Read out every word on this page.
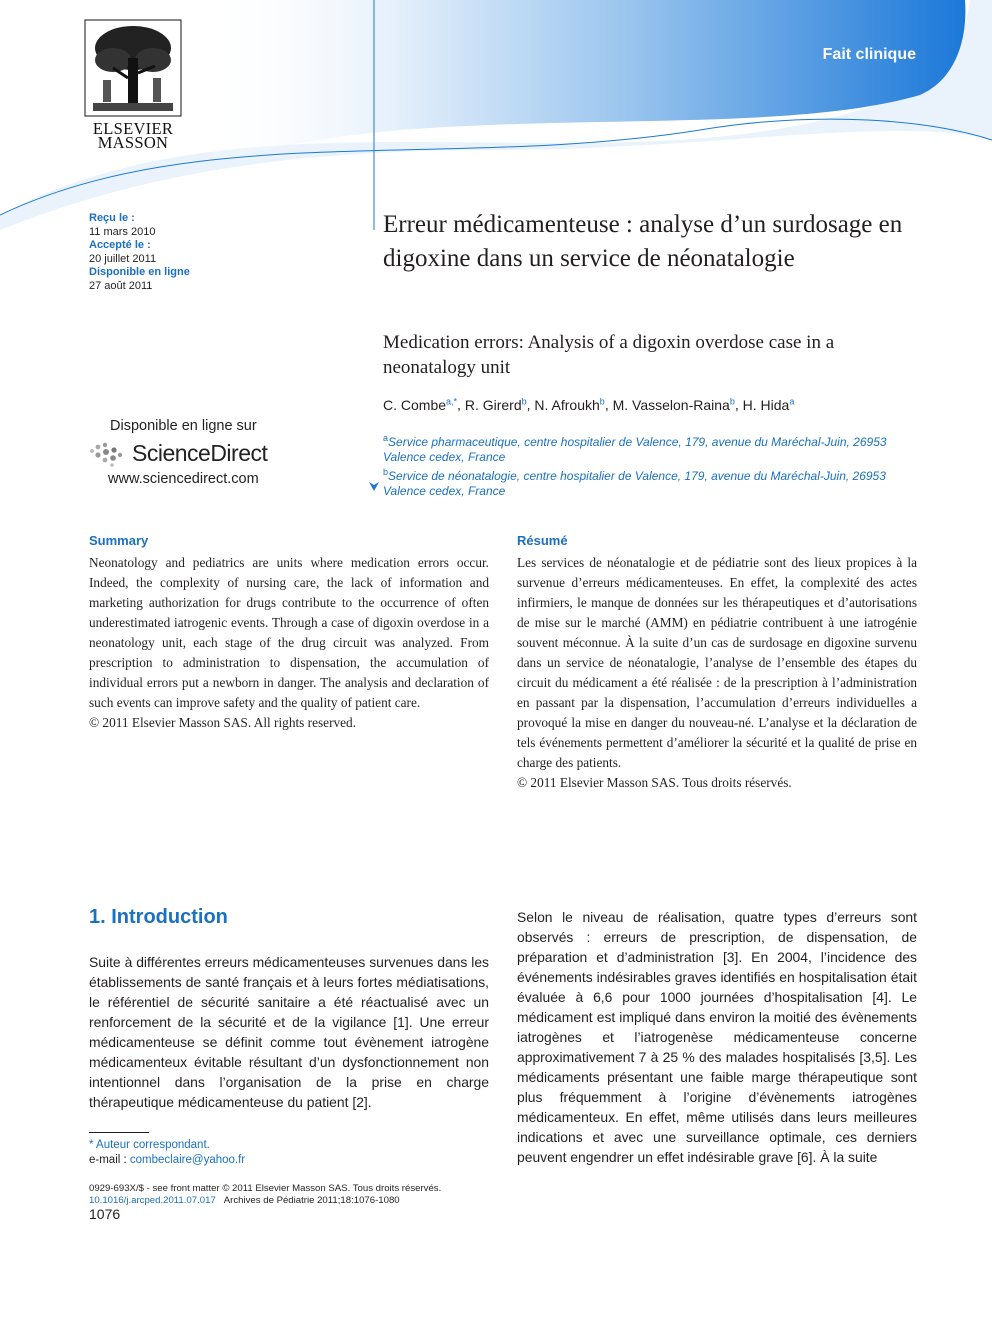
Fait clinique
ELSEVIER
MASSON
Reçu le :
11 mars 2010
Accepté le :
20 juillet 2011
Disponible en ligne
27 août 2011
Disponible en ligne sur
ScienceDirect
www.sciencedirect.com
Erreur médicamenteuse : analyse d’un surdosage en digoxine dans un service de néonatalogie
Medication errors: Analysis of a digoxin overdose case in a neonatalogy unit
C. Combe$^{a,*}$, R. Girerd$^b$, N. Afroukh$^b$, M. Vasselon-Raina$^b$, H. Hida$^a$
$^a$Service pharmaceutique, centre hospitalier de Valence, 179, avenue du Maréchal-Juin, 26953 Valence cedex, France
$^b$Service de néonatalogie, centre hospitalier de Valence, 179, avenue du Maréchal-Juin, 26953 Valence cedex, France
Summary
Neonatology and pediatrics are units where medication errors occur. Indeed, the complexity of nursing care, the lack of information and marketing authorization for drugs contribute to the occurrence of often underestimated iatrogenic events. Through a case of digoxin overdose in a neonatology unit, each stage of the drug circuit was analyzed. From prescription to administration to dispensation, the accumulation of individual errors put a newborn in danger. The analysis and declaration of such events can improve safety and the quality of patient care.
© 2011 Elsevier Masson SAS. All rights reserved.
Résumé
Les services de néonatalogie et de pédiatrie sont des lieux propices à la survenue d’erreurs médicamenteuses. En effet, la complexité des actes infirmiers, le manque de données sur les thérapeutiques et d’autorisations de mise sur le marché (AMM) en pédiatrie contribuent à une iatrogénie souvent méconnue. À la suite d’un cas de surdosage en digoxine survenu dans un service de néonatalogie, l’analyse de l’ensemble des étapes du circuit du médicament a été réalisée : de la prescription à l’administration en passant par la dispensation, l’accumulation d’erreurs individuelles a provoqué la mise en danger du nouveau-né. L’analyse et la déclaration de tels événements permettent d’améliorer la sécurité et la qualité de prise en charge des patients.
© 2011 Elsevier Masson SAS. Tous droits réservés.
1. Introduction
Suite à différentes erreurs médicamenteuses survenues dans les établissements de santé français et à leurs fortes médiatisations, le référentiel de sécurité sanitaire a été réactualisé avec un renforcement de la sécurité et de la vigilance [1]. Une erreur médicamenteuse se définit comme tout évènement iatrogène médicamenteux évitable résultant d’un dysfonctionnement non intentionnel dans l’organisation de la prise en charge thérapeutique médicamenteuse du patient [2].
Selon le niveau de réalisation, quatre types d’erreurs sont observés : erreurs de prescription, de dispensation, de préparation et d’administration [3]. En 2004, l’incidence des événements indésirables graves identifiés en hospitalisation était évaluée à 6,6 pour 1000 journées d’hospitalisation [4]. Le médicament est impliqué dans environ la moitié des évènements iatrogènes et l’iatrogenèse médicamenteuse concerne approximativement 7 à 25 % des malades hospitalisés [3,5]. Les médicaments présentant une faible marge thérapeutique sont plus fréquemment à l’origine d’évènements iatrogènes médicamenteux. En effet, même utilisés dans leurs meilleures indications et avec une surveillance optimale, ces derniers peuvent engendrer un effet indésirable grave [6]. À la suite
* Auteur correspondant.
e-mail : combeclaire@yahoo.fr
0929-693X/$ - see front matter © 2011 Elsevier Masson SAS. Tous droits réservés.
10.1016/j.arcped.2011.07.017 Archives de Pédiatrie 2011;18:1076-1080
1076
